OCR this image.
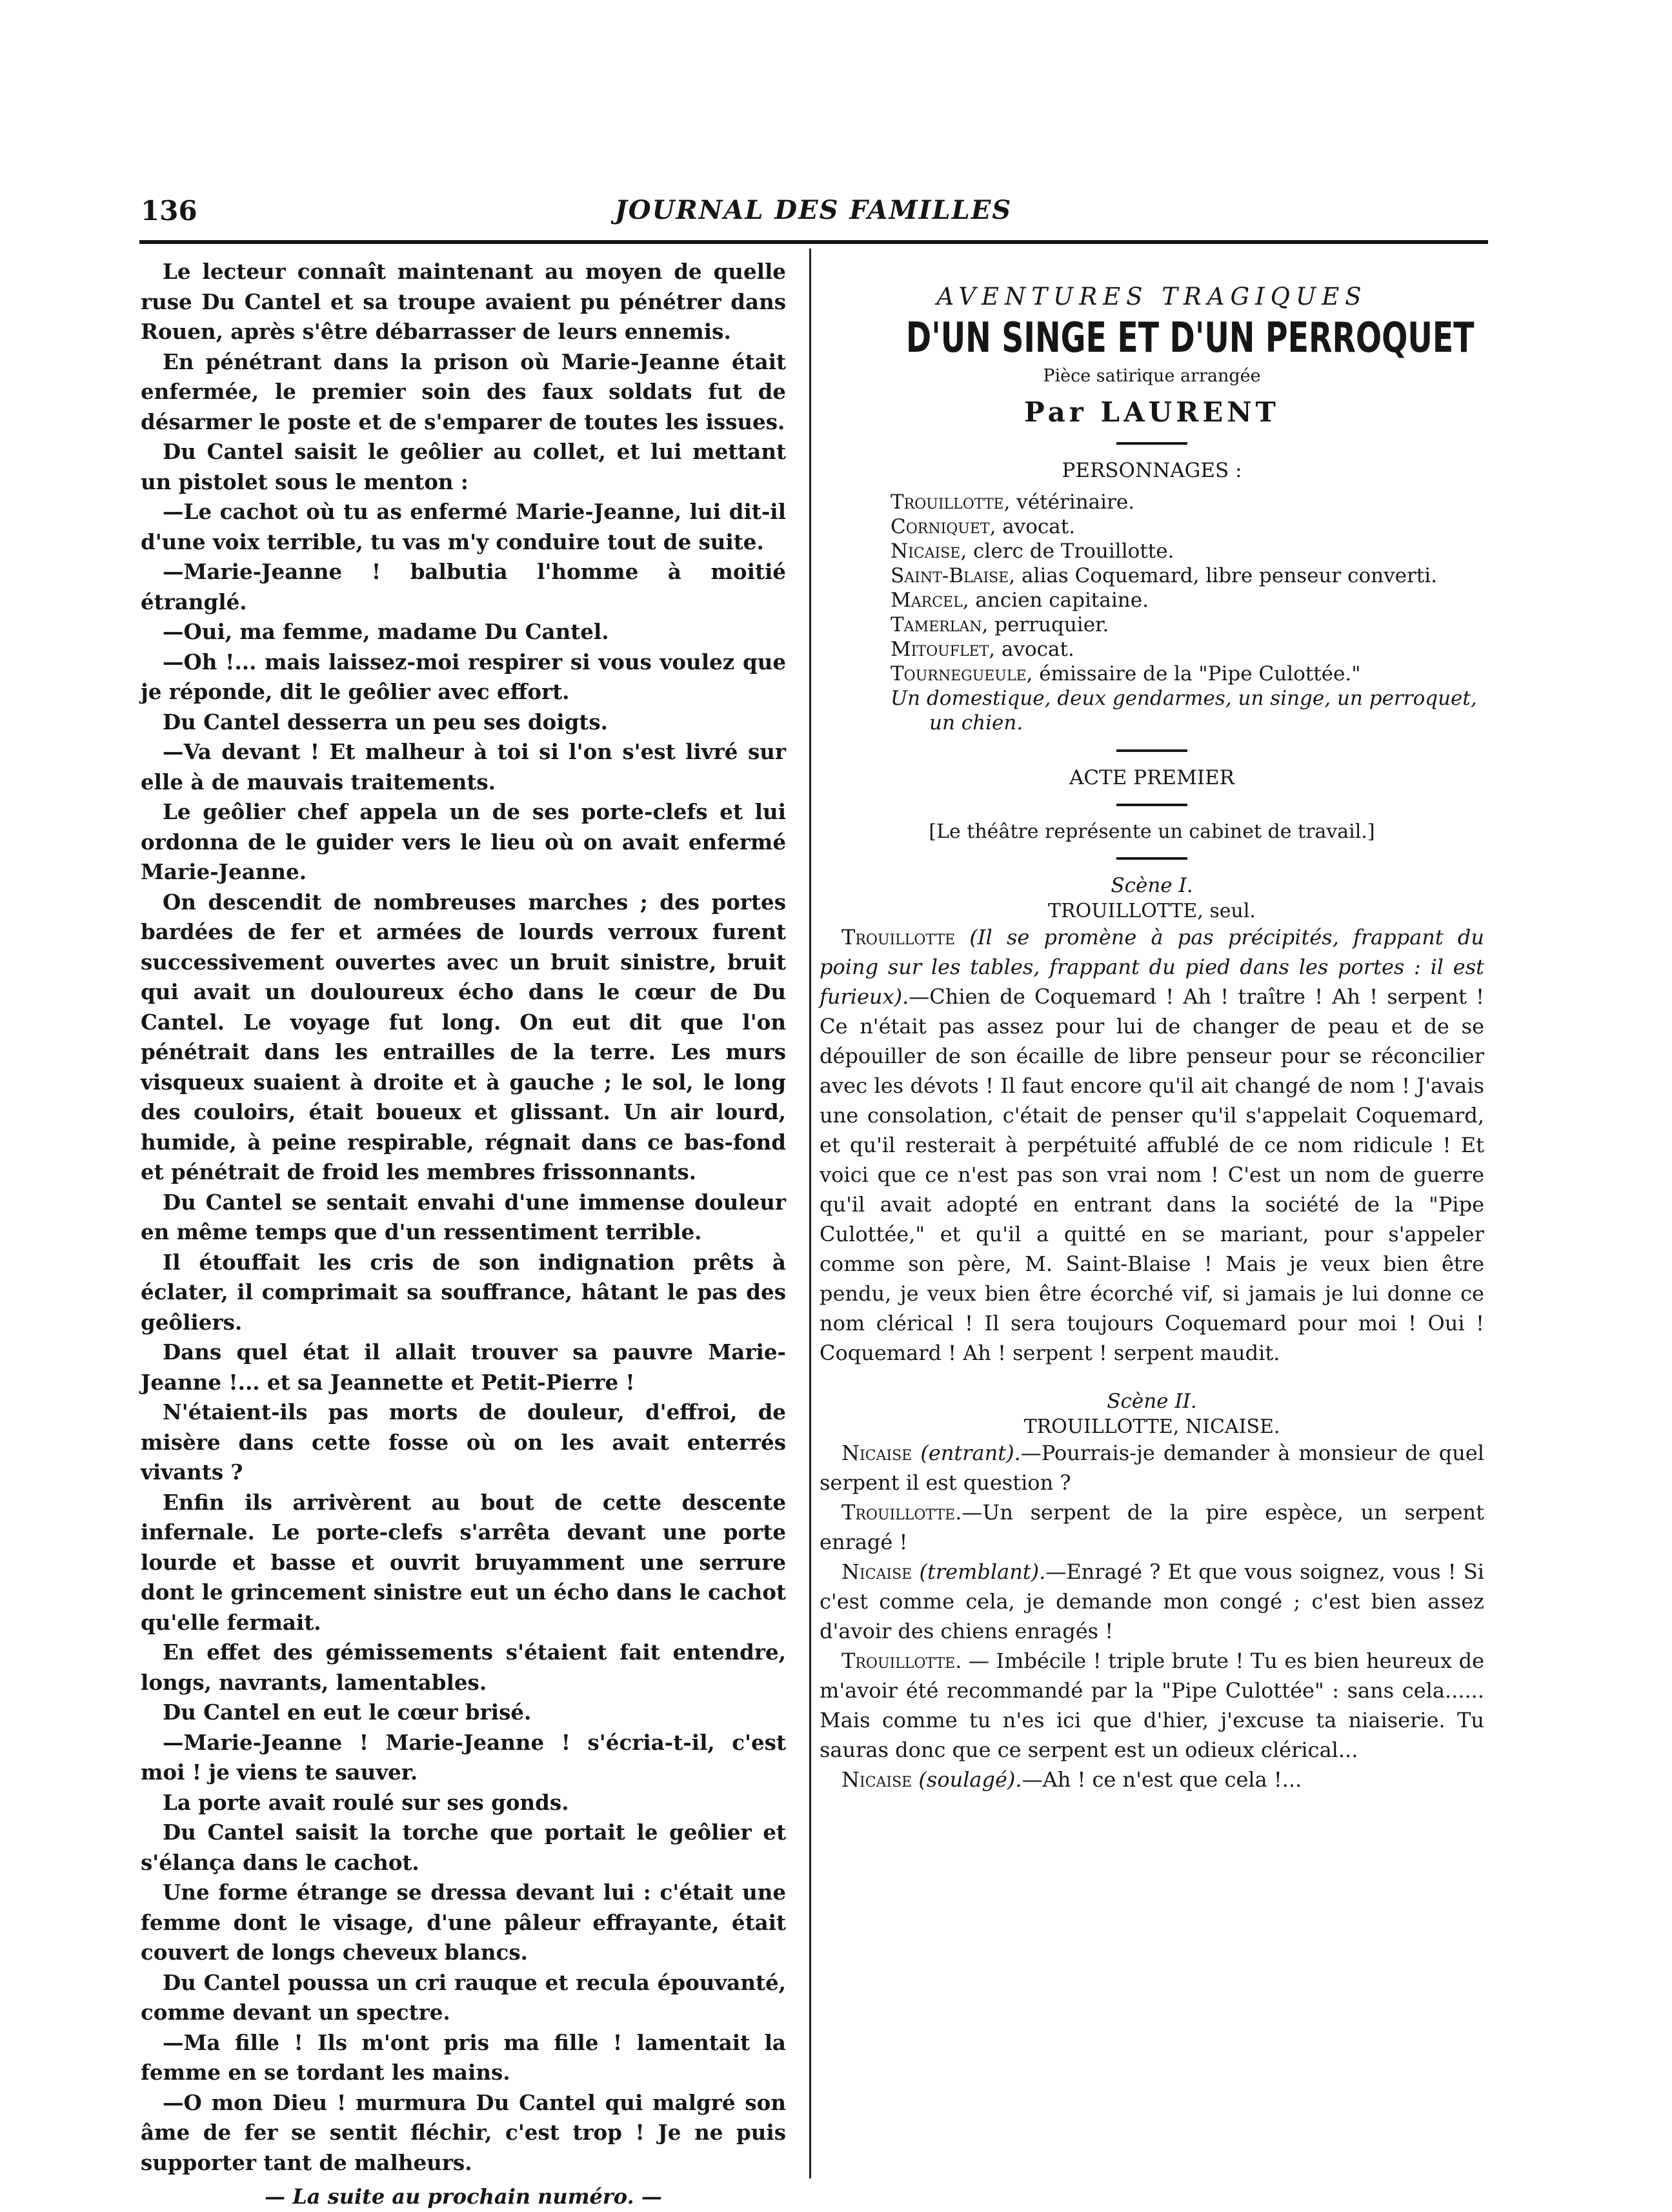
136	JOURNAL DES FAMILLES

Le lecteur connaît maintenant au moyen de quelle ruse Du Cantel et sa troupe avaient pu pénétrer dans Rouen, après s'être débarrasser de leurs ennemis.

En pénétrant dans la prison où Marie-Jeanne était enfermée, le premier soin des faux soldats fut de désarmer le poste et de s'emparer de toutes les issues.

Du Cantel saisit le geôlier au collet, et lui mettant un pistolet sous le menton :

—Le cachot où tu as enfermé Marie-Jeanne, lui dit-il d'une voix terrible, tu vas m'y conduire tout de suite.

—Marie-Jeanne ! balbutia l'homme à moitié étranglé.

—Oui, ma femme, madame Du Cantel.

—Oh !... mais laissez-moi respirer si vous voulez que je réponde, dit le geôlier avec effort.

Du Cantel desserra un peu ses doigts.

—Va devant ! Et malheur à toi si l'on s'est livré sur elle à de mauvais traitements.

Le geôlier chef appela un de ses porte-clefs et lui ordonna de le guider vers le lieu où on avait enfermé Marie-Jeanne.

On descendit de nombreuses marches ; des portes bardées de fer et armées de lourds verroux furent successivement ouvertes avec un bruit sinistre, bruit qui avait un douloureux écho dans le cœur de Du Cantel. Le voyage fut long. On eut dit que l'on pénétrait dans les entrailles de la terre. Les murs visqueux suaient à droite et à gauche ; le sol, le long des couloirs, était boueux et glissant. Un air lourd, humide, à peine respirable, régnait dans ce bas-fond et pénétrait de froid les membres frissonnants.

Du Cantel se sentait envahi d'une immense douleur en même temps que d'un ressentiment terrible.

Il étouffait les cris de son indignation prêts à éclater, il comprimait sa souffrance, hâtant le pas des geôliers.

Dans quel état il allait trouver sa pauvre Marie-Jeanne !... et sa Jeannette et Petit-Pierre !

N'étaient-ils pas morts de douleur, d'effroi, de misère dans cette fosse où on les avait enterrés vivants ?

Enfin ils arrivèrent au bout de cette descente infernale. Le porte-clefs s'arrêta devant une porte lourde et basse et ouvrit bruyamment une serrure dont le grincement sinistre eut un écho dans le cachot qu'elle fermait.

En effet des gémissements s'étaient fait entendre, longs, navrants, lamentables.

Du Cantel en eut le cœur brisé.

—Marie-Jeanne ! Marie-Jeanne ! s'écria-t-il, c'est moi ! je viens te sauver.

La porte avait roulé sur ses gonds.

Du Cantel saisit la torche que portait le geôlier et s'élança dans le cachot.

Une forme étrange se dressa devant lui : c'était une femme dont le visage, d'une pâleur effrayante, était couvert de longs cheveux blancs.

Du Cantel poussa un cri rauque et recula épouvanté, comme devant un spectre.

—Ma fille ! Ils m'ont pris ma fille ! lamentait la femme en se tordant les mains.

—O mon Dieu ! murmura Du Cantel qui malgré son âme de fer se sentit fléchir, c'est trop ! Je ne puis supporter tant de malheurs.

— La suite au prochain numéro. —
AVENTURES TRAGIQUES
D'UN SINGE ET D'UN PERROQUET
Pièce satirique arrangée
Par LAURENT
PERSONNAGES :
Trouillotte, vétérinaire.
Corniquet, avocat.
Nicaise, clerc de Trouillotte.
Saint-Blaise, alias Coquemard, libre penseur converti.
Marcel, ancien capitaine.
Tamerlan, perruquier.
Mitouflet, avocat.
Tournegueule, émissaire de la "Pipe Culottée."
Un domestique, deux gendarmes, un singe, un perroquet, un chien.
ACTE PREMIER
[Le théâtre représente un cabinet de travail.]
Scène I.
TROUILLOTTE, seul.

Trouillotte (Il se promène à pas précipités, frappant du poing sur les tables, frappant du pied dans les portes : il est furieux).—Chien de Coquemard ! Ah ! traître ! Ah ! serpent ! Ce n'était pas assez pour lui de changer de peau et de se dépouiller de son écaille de libre penseur pour se réconcilier avec les dévots ! Il faut encore qu'il ait changé de nom ! J'avais une consolation, c'était de penser qu'il s'appelait Coquemard, et qu'il resterait à perpétuité affublé de ce nom ridicule ! Et voici que ce n'est pas son vrai nom ! C'est un nom de guerre qu'il avait adopté en entrant dans la société de la "Pipe Culottée," et qu'il a quitté en se mariant, pour s'appeler comme son père, M. Saint-Blaise ! Mais je veux bien être pendu, je veux bien être écorché vif, si jamais je lui donne ce nom clérical ! Il sera toujours Coquemard pour moi ! Oui ! Coquemard ! Ah ! serpent ! serpent maudit.

Scène II.
TROUILLOTTE, NICAISE.

Nicaise (entrant).—Pourrais-je demander à monsieur de quel serpent il est question ?

Trouillotte.—Un serpent de la pire espèce, un serpent enragé !

Nicaise (tremblant).—Enragé ? Et que vous soignez, vous ! Si c'est comme cela, je demande mon congé ; c'est bien assez d'avoir des chiens enragés !

Trouillotte. — Imbécile ! triple brute ! Tu es bien heureux de m'avoir été recommandé par la "Pipe Culottée" : sans cela...... Mais comme tu n'es ici que d'hier, j'excuse ta niaiserie. Tu sauras donc que ce serpent est un odieux clérical...

Nicaise (soulagé).—Ah ! ce n'est que cela !...
